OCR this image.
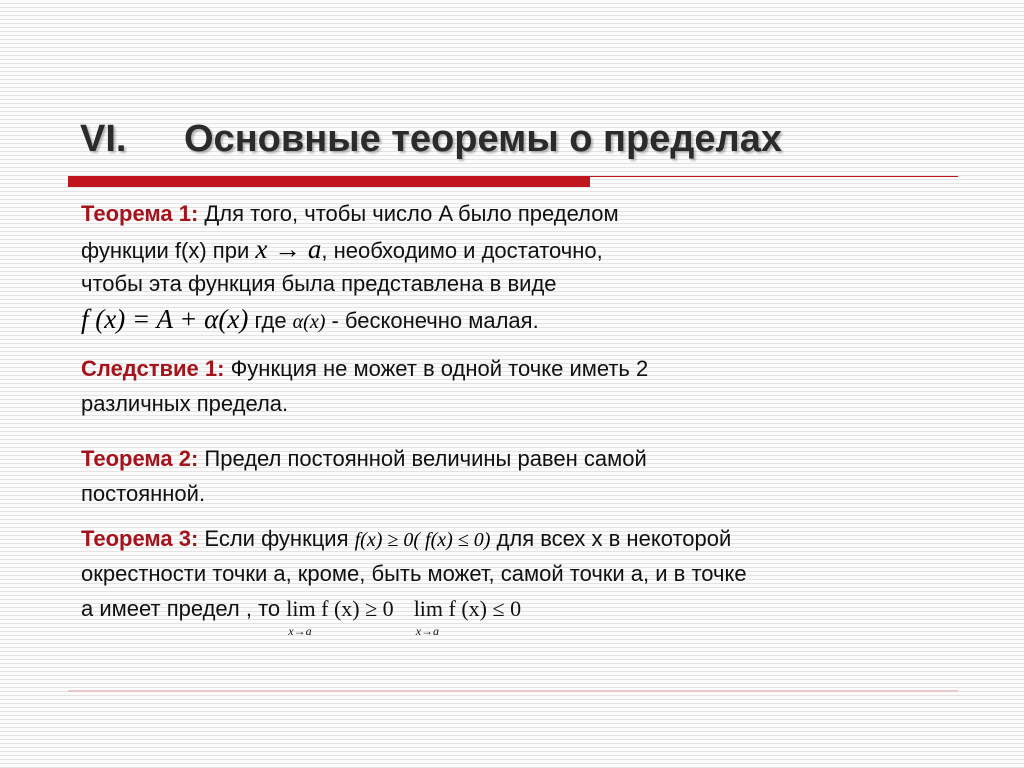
VI. Основные теоремы о пределах
Теорема 1: Для того, чтобы число A было пределом
функции f(x) при x → a, необходимо и достаточно,
чтобы эта функция была представлена в виде
f (x) = A + α(x) где α(x) - бесконечно малая.
Следствие 1: Функция не может в одной точке иметь 2
различных предела.
Теорема 2: Предел постоянной величины равен самой
постоянной.
Теорема 3: Если функция f(x) ≥ 0( f(x) ≤ 0) для всех x в некоторой
окрестности точки a, кроме, быть может, самой точки a, и в точке
a имеет предел , то lim f (x) ≥ 0
x→a
lim f (x) ≤ 0
x→a
